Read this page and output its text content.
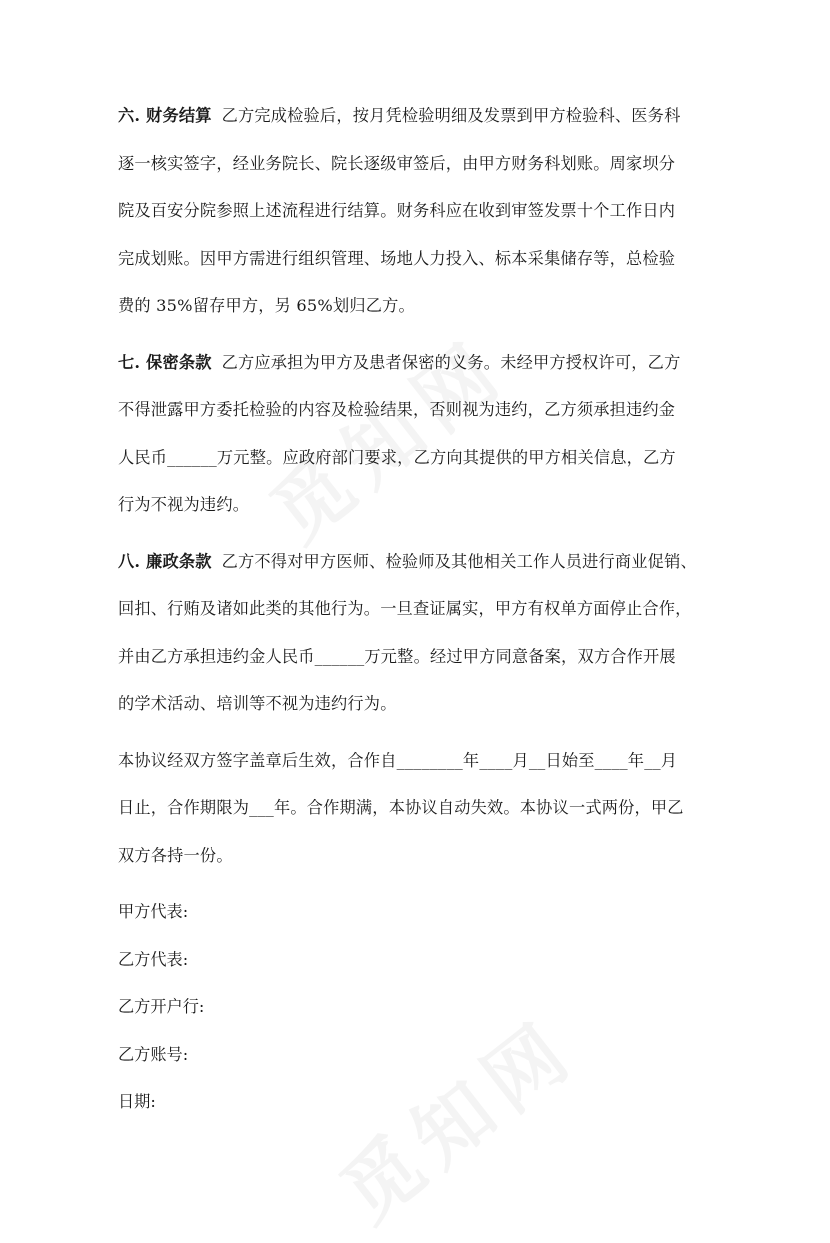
六. 财务结算 乙方完成检验后，按月凭检验明细及发票到甲方检验科、医务科
逐一核实签字，经业务院长、院长逐级审签后，由甲方财务科划账。周家坝分
院及百安分院参照上述流程进行结算。财务科应在收到审签发票十个工作日内
完成划账。因甲方需进行组织管理、场地人力投入、标本采集储存等，总检验
费的 35%留存甲方，另 65%划归乙方。

七. 保密条款 乙方应承担为甲方及患者保密的义务。未经甲方授权许可，乙方
不得泄露甲方委托检验的内容及检验结果，否则视为违约，乙方须承担违约金
人民币______万元整。应政府部门要求，乙方向其提供的甲方相关信息，乙方
行为不视为违约。

八. 廉政条款 乙方不得对甲方医师、检验师及其他相关工作人员进行商业促销、
回扣、行贿及诸如此类的其他行为。一旦查证属实，甲方有权单方面停止合作，
并由乙方承担违约金人民币______万元整。经过甲方同意备案，双方合作开展
的学术活动、培训等不视为违约行为。

本协议经双方签字盖章后生效，合作自________年____月__日始至____年__月
日止，合作期限为___年。合作期满，本协议自动失效。本协议一式两份，甲乙
双方各持一份。

甲方代表:

乙方代表:

乙方开户行:

乙方账号:

日期:
